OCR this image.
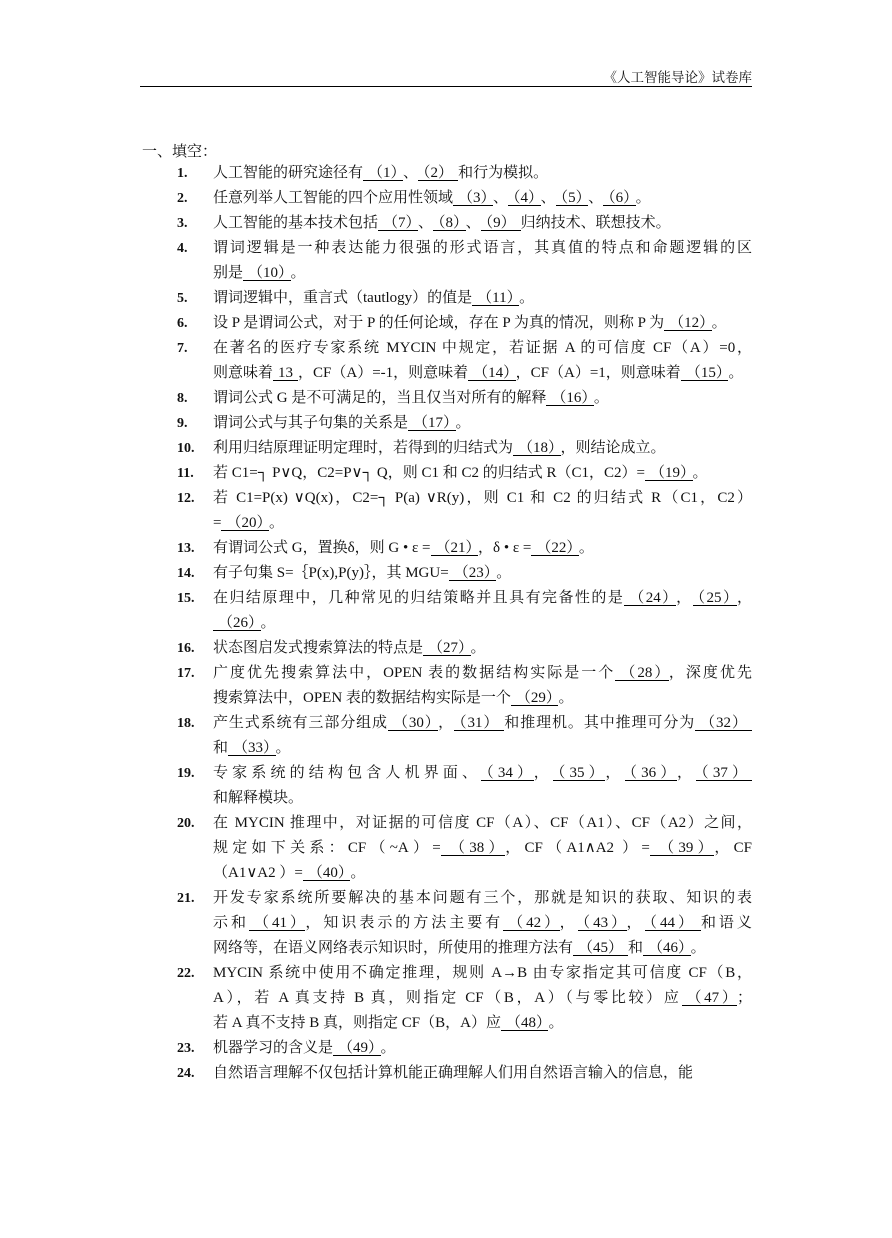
《人工智能导论》试卷库
一、填空：
1. 人工智能的研究途径有 （1） 、 （2） 和行为模拟。
2. 任意列举人工智能的四个应用性领域 （3） 、 （4） 、 （5） 、 （6） 。
3. 人工智能的基本技术包括 （7） 、 （8） 、 （9） 归纳技术、联想技术。
4. 谓词逻辑是一种表达能力很强的形式语言，其真值的特点和命题逻辑的区
别是 （10） 。
5. 谓词逻辑中，重言式（tautlogy）的值是 （11） 。
6. 设 P 是谓词公式，对于 P 的任何论域，存在 P 为真的情况，则称 P 为 （12） 。
7. 在著名的医疗专家系统 MYCIN 中规定，若证据 A 的可信度 CF（A）=0，
则意味着 13 ，CF（A）=-1，则意味着 （14） ，CF（A）=1，则意味着 （15） 。
8. 谓词公式 G 是不可满足的，当且仅当对所有的解释 （16） 。
9. 谓词公式与其子句集的关系是 （17） 。
10. 利用归结原理证明定理时，若得到的归结式为 （18） ，则结论成立。
11. 若 C1=┐ P∨Q，C2=P∨┐ Q，则 C1 和 C2 的归结式 R（C1，C2）= （19） 。
12. 若 C1=P(x) ∨Q(x)，C2=┐ P(a) ∨R(y)，则 C1 和 C2 的归结式 R（C1，C2）
= （20） 。
13. 有谓词公式 G，置换δ，则 G • ε = （21） ，δ • ε = （22） 。
14. 有子句集 S=｛P(x),P(y)｝，其 MGU= （23） 。
15. 在归结原理中，几种常见的归结策略并且具有完备性的是 （24） ， （25） ，
（26） 。
16. 状态图启发式搜索算法的特点是 （27） 。
17. 广度优先搜索算法中，OPEN 表的数据结构实际是一个 （28） ，深度优先
搜索算法中，OPEN 表的数据结构实际是一个 （29） 。
18. 产生式系统有三部分组成 （30） ， （31） 和推理机。其中推理可分为 （32）
和 （33） 。
19. 专家系统的结构包含人机界面、 （34） ， （35） ， （36） ， （37）
和解释模块。
20. 在 MYCIN 推理中，对证据的可信度 CF（A）、CF（A1）、CF（A2）之间，
规定如下关系：CF（~A）= （38） ，CF（A1∧A2 ）= （39） ，CF
（A1∨A2 ）= （40） 。
21. 开发专家系统所要解决的基本问题有三个，那就是知识的获取、知识的表
示和 （41） ，知识表示的方法主要有 （42） ， （43） ， （44） 和语义
网络等，在语义网络表示知识时，所使用的推理方法有 （45） 和 （46） 。
22. MYCIN 系统中使用不确定推理，规则 A→B 由专家指定其可信度 CF（B，
A），若 A 真支持 B 真，则指定 CF（B，A）（与零比较）应 （47） ；
若 A 真不支持 B 真，则指定 CF（B，A）应 （48） 。
23. 机器学习的含义是 （49） 。
24. 自然语言理解不仅包括计算机能正确理解人们用自然语言输入的信息，能
